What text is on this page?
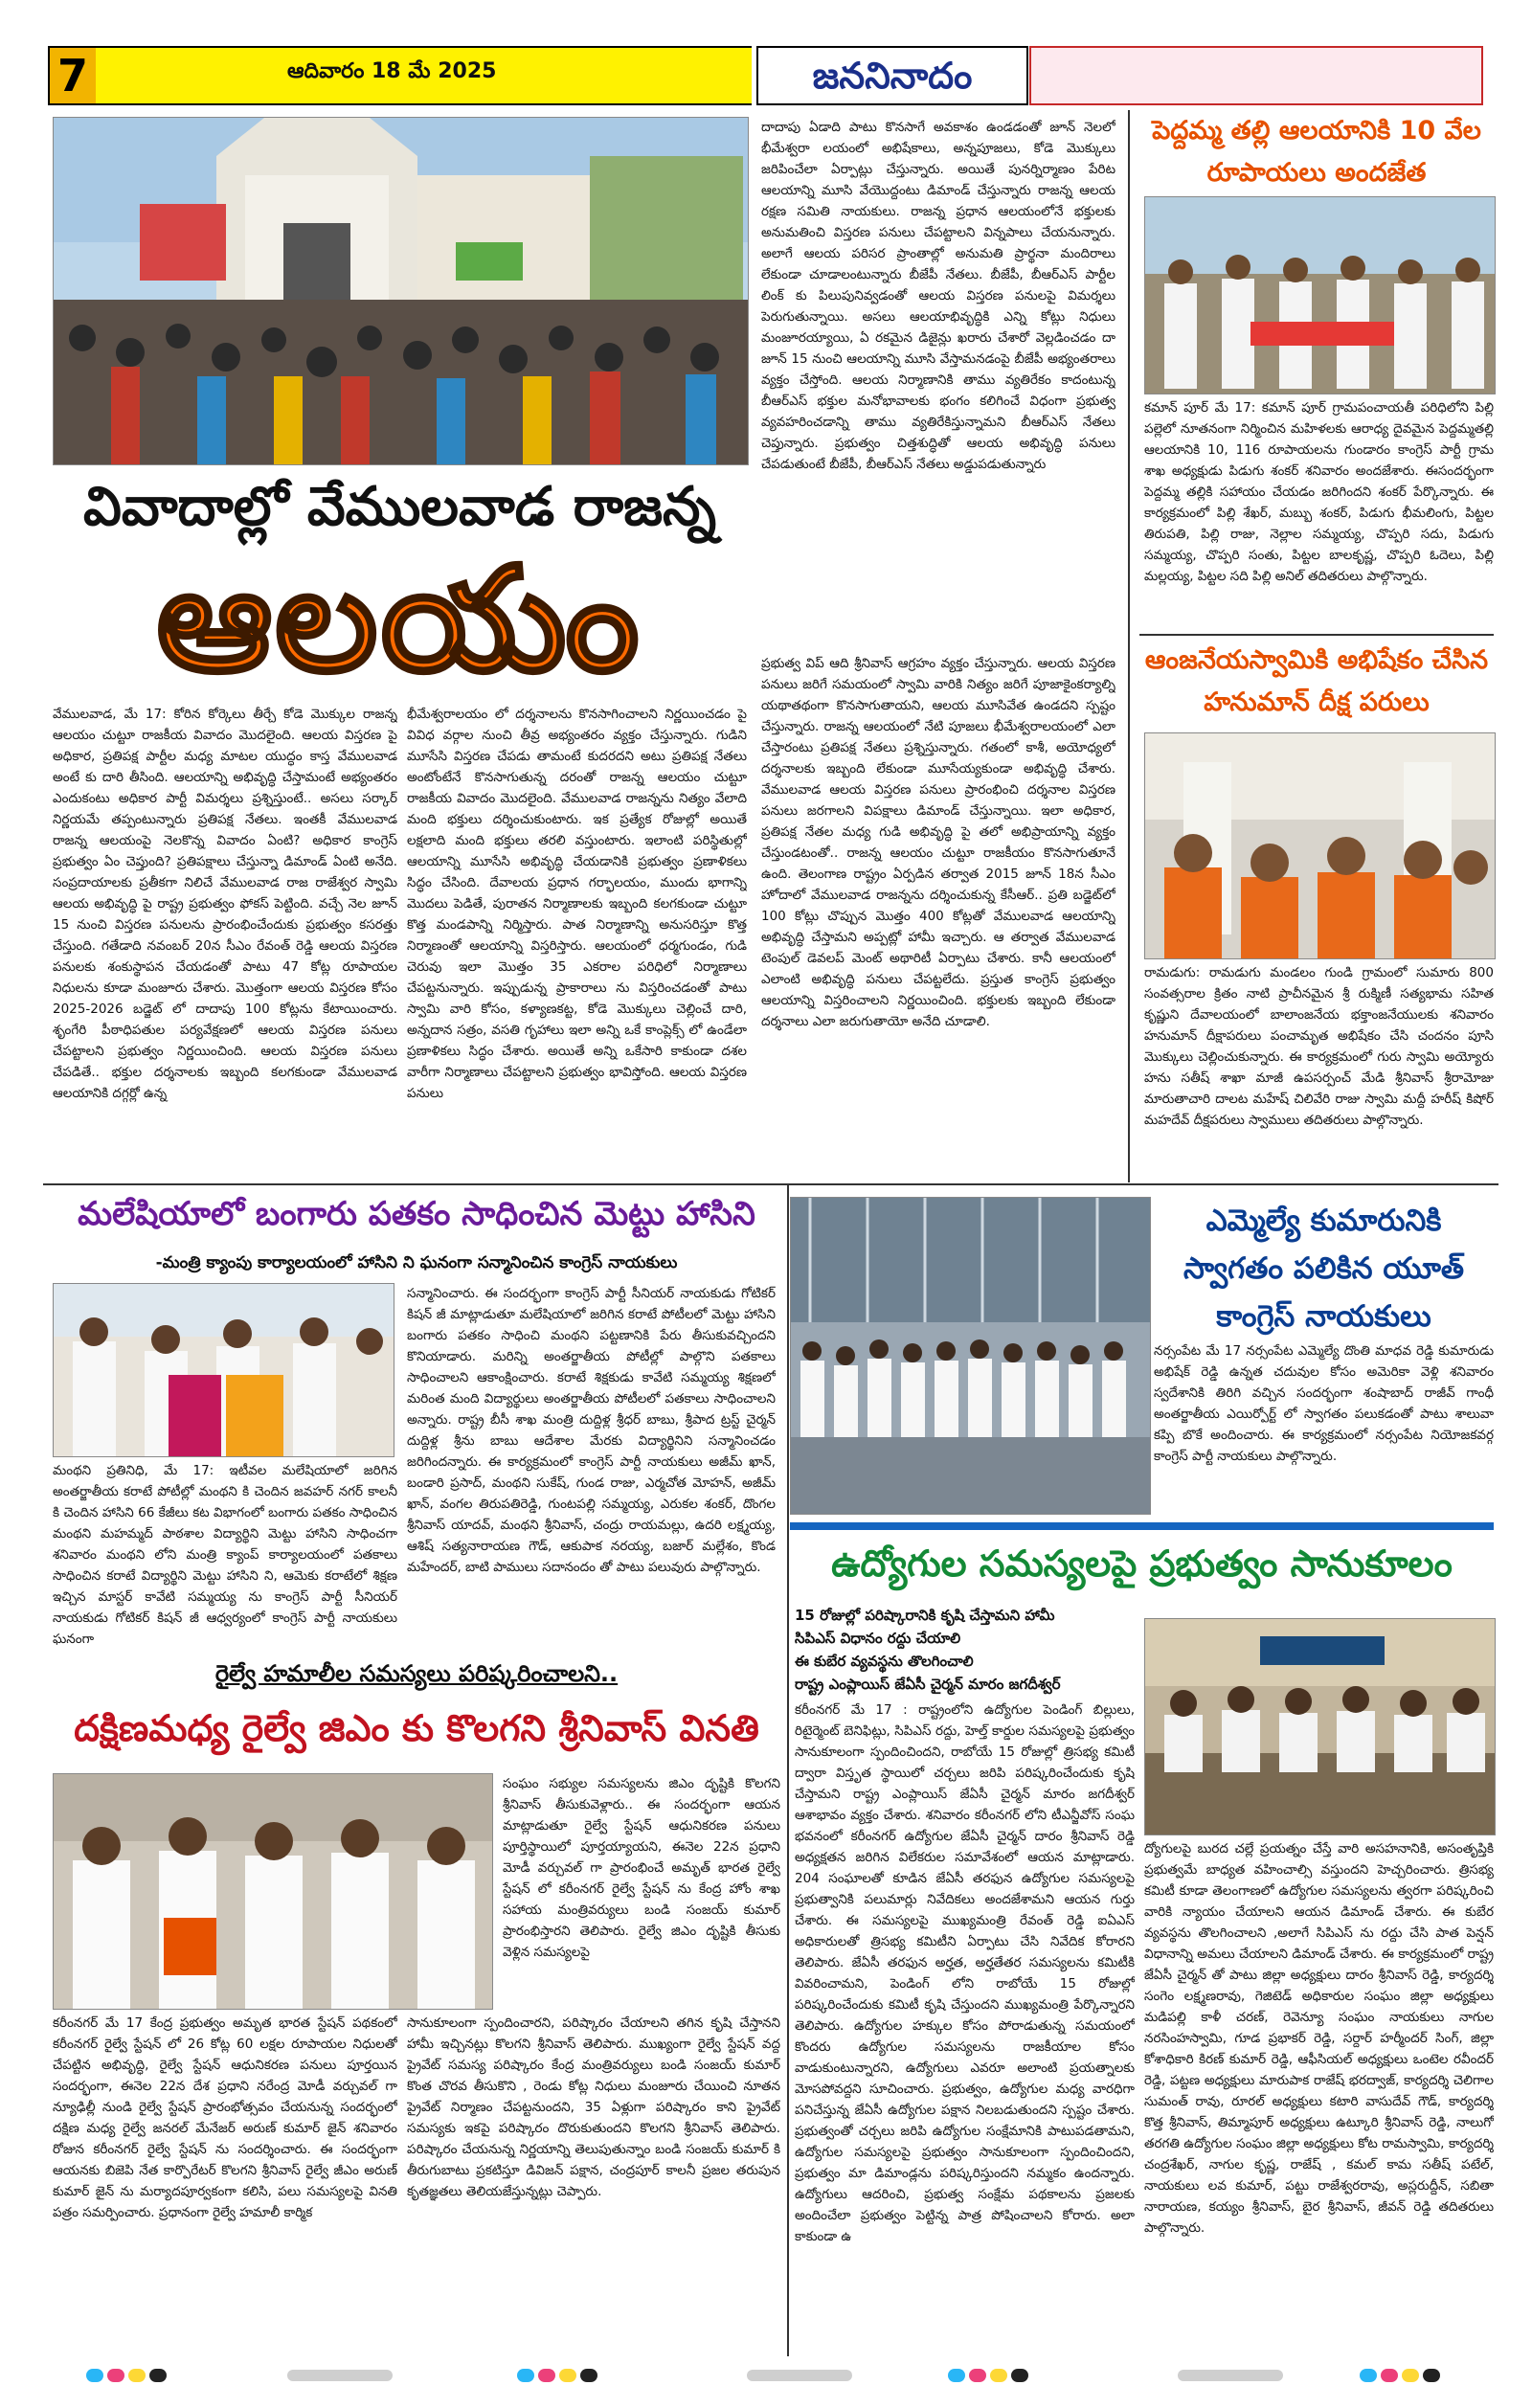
7	ఆదివారం 18 మే 2025	జననినాదం
వివాదాల్లో వేములవాడ రాజన్న
ఆలయం
వేములవాడ, మే 17: కోరిన కోర్కెలు తీర్చే కోడె మొక్కుల రాజన్న ఆలయం చుట్టూ రాజకీయ వివాదం మొదలైంది. ఆలయ విస్తరణ పై అధికార, ప్రతిపక్ష పార్టీల మధ్య మాటల యుద్ధం కాస్త వేములవాడ అంటే కు దారి తీసింది. ఆలయాన్ని అభివృద్ధి చేస్తామంటే అభ్యంతరం ఎందుకంటు అధికార పార్టీ విమర్శలు ప్రశ్నిస్తుంటే.. అసలు సర్కార్ నిర్ణయమే తప్పంటున్నారు ప్రతిపక్ష నేతలు. ఇంతకీ వేములవాడ రాజన్న ఆలయంపై నెలకొన్న వివాదం ఏంటి? అధికార కాంగ్రెస్ ప్రభుత్వం ఏం చెప్తుంది? ప్రతిపక్షాలు చేస్తున్నా డిమాండ్ ఏంటి అనేది. సంప్రదాయాలకు ప్రతీకగా నిలిచే వేములవాడ రాజ రాజేశ్వర స్వామి ఆలయ అభివృద్ధి పై రాష్ట్ర ప్రభుత్వం ఫోకస్ పెట్టింది. వచ్చే నెల జూన్ 15 నుంచి విస్తరణ పనులను ప్రారంభించేందుకు ప్రభుత్వం కసరత్తు చేస్తుంది. గతేడాది నవంబర్ 20న సీఎం రేవంత్ రెడ్డి ఆలయ విస్తరణ పనులకు శంకుస్థాపన చేయడంతో పాటు 47 కోట్ల రూపాయల నిధులను కూడా మంజూరు చేశారు. మొత్తంగా ఆలయ విస్తరణ కోసం 2025-2026 బడ్జెట్ లో దాదాపు 100 కోట్లను కేటాయించారు. శృంగేరి పీఠాధిపతుల పర్యవేక్షణలో ఆలయ విస్తరణ పనులు చేపట్టాలని ప్రభుత్వం నిర్ణయించింది. ఆలయ విస్తరణ పనులు చేపడితే.. భక్తుల దర్శనాలకు ఇబ్బంది కలగకుండా వేములవాడ ఆలయానికి దగ్గర్లో ఉన్న
భీమేశ్వరాలయం లో దర్శనాలను కొనసాగించాలని నిర్ణయించడం పై వివిధ వర్గాల నుంచి తీవ్ర అభ్యంతరం వ్యక్తం చేస్తున్నారు. గుడిని మూసేసి విస్తరణ చేపడు తామంటే కుదరదని అటు ప్రతిపక్ష నేతలు అంటోంటేనే కొనసాగుతున్న దరంతో రాజన్న ఆలయం చుట్టూ రాజకీయ వివాదం మొదలైంది. వేములవాడ రాజన్నను నిత్యం వేలాది మంది భక్తులు దర్శించుకుంటారు. ఇక ప్రత్యేక రోజుల్లో అయితే లక్షలాది మంది భక్తులు తరలి వస్తుంటారు. ఇలాంటి పరిస్థితుల్లో ఆలయాన్ని మూసేసి అభివృద్ధి చేయడానికి ప్రభుత్వం ప్రణాళికలు సిద్ధం చేసింది. దేవాలయ ప్రధాన గర్భాలయం, ముందు భాగాన్ని మొదలు పెడితే, పురాతన నిర్మాణాలకు ఇబ్బంది కలగకుండా చుట్టూ కొత్త మండపాన్ని నిర్మిస్తారు. పాత నిర్మాణాన్ని అనుసరిస్తూ కొత్త నిర్మాణంతో ఆలయాన్ని విస్తరిస్తారు. ఆలయంలో ధర్మగుండం, గుడి చెరువు ఇలా మొత్తం 35 ఎకరాల పరిధిలో నిర్మాణాలు చేపట్టనున్నారు. ఇప్పుడున్న ప్రాకారాలు ను విస్తరించడంతో పాటు స్వామి వారి కోసం, కళ్యాణకట్ట, కోడె మొక్కులు చెల్లించే దారి, అన్నదాన సత్రం, వసతి గృహాలు ఇలా అన్ని ఒకే కాంప్లెక్స్ లో ఉండేలా ప్రణాళికలు సిద్ధం చేశారు. అయితే అన్ని ఒకేసారి కాకుండా దశల వారీగా నిర్మాణాలు చేపట్టాలని ప్రభుత్వం భావిస్తోంది. ఆలయ విస్తరణ పనులు
దాదాపు ఏడాది పాటు కొనసాగే అవకాశం ఉండడంతో జూన్ నెలలో భీమేశ్వరా లయంలో అభిషేకాలు, అన్నపూజలు, కోడె మొక్కులు జరిపించేలా ఏర్పాట్లు చేస్తున్నారు. అయితే పునర్నిర్మాణం పేరిట ఆలయాన్ని మూసి వేయొద్దంటు డిమాండ్ చేస్తున్నారు రాజన్న ఆలయ రక్షణ సమితి నాయకులు. రాజన్న ప్రధాన ఆలయంలోనే భక్తులకు అనుమతించి విస్తరణ పనులు చేపట్టాలని విన్నపాలు చేయనున్నారు. అలాగే ఆలయ పరిసర ప్రాంతాల్లో అనుమతి ప్రార్థనా మందిరాలు లేకుండా చూడాలంటున్నారు బీజేపీ నేతలు. బీజేపీ, బీఆర్ఎస్ పార్టీల లింక్ కు పిలుపునివ్వడంతో ఆలయ విస్తరణ పనులపై విమర్శలు పెరుగుతున్నాయి. అసలు ఆలయాభివృద్ధికి ఎన్ని కోట్లు నిధులు మంజూరయ్యాయి, ఏ రకమైన డిజైన్లు ఖరారు చేశారో వెల్లడించడం దా జూన్ 15 నుంచి ఆలయాన్ని మూసి వేస్తామనడంపై బీజేపీ అభ్యంతరాలు వ్యక్తం చేస్తోంది. ఆలయ నిర్మాణానికి తాము వ్యతిరేకం కాదంటున్న బీఆర్ఎస్ భక్తుల మనోభావాలకు భంగం కలిగించే విధంగా ప్రభుత్వ వ్యవహరించడాన్ని తాము వ్యతిరేకిస్తున్నామని బీఆర్ఎస్ నేతలు చెప్తున్నారు. ప్రభుత్వం చిత్తశుద్ధితో ఆలయ అభివృద్ధి పనులు చేపడుతుంటే బీజేపీ, బీఆర్ఎస్ నేతలు అడ్డుపడుతున్నారు
ప్రభుత్వ విప్ ఆది శ్రీనివాస్ ఆగ్రహం వ్యక్తం చేస్తున్నారు. ఆలయ విస్తరణ పనులు జరిగే సమయంలో స్వామి వారికి నిత్యం జరిగే పూజాకైంకర్యాల్ని యథాతథంగా కొనసాగుతాయని, ఆలయ మూసివేత ఉండదని స్పష్టం చేస్తున్నారు. రాజన్న ఆలయంలో నేటి పూజలు భీమేశ్వరాలయంలో ఎలా చేస్తారంటు ప్రతిపక్ష నేతలు ప్రశ్నిస్తున్నారు. గతంలో కాశీ, అయోధ్యలో దర్శనాలకు ఇబ్బంది లేకుండా మూసేయ్యకుండా అభివృద్ధి చేశారు. వేములవాడ ఆలయ విస్తరణ పనులు ప్రారంభించి దర్శనాల విస్తరణ పనులు జరగాలని విపక్షాలు డిమాండ్ చేస్తున్నాయి. ఇలా అధికార, ప్రతిపక్ష నేతల మధ్య గుడి అభివృద్ధి పై తలో అభిప్రాయాన్ని వ్యక్తం చేస్తుండటంతో.. రాజన్న ఆలయం చుట్టూ రాజకీయం కొనసాగుతూనే ఉంది. తెలంగాణ రాష్ట్రం ఏర్పడిన తర్వాత 2015 జూన్ 18న సీఎం హోదాలో వేములవాడ రాజన్నను దర్శించుకున్న కేసీఆర్.. ప్రతి బడ్జెట్‌లో 100 కోట్లు చొప్పున మొత్తం 400 కోట్లతో వేములవాడ ఆలయాన్ని అభివృద్ధి చేస్తామని అప్పట్లో హామీ ఇచ్చారు. ఆ తర్వాత వేములవాడ టెంపుల్ డెవలప్ మెంట్ అథారిటీ ఏర్పాటు చేశారు. కానీ ఆలయంలో ఎలాంటి అభివృద్ధి పనులు చేపట్టలేదు. ప్రస్తుత కాంగ్రెస్ ప్రభుత్వం ఆలయాన్ని విస్తరించాలని నిర్ణయించింది. భక్తులకు ఇబ్బంది లేకుండా దర్శనాలు ఎలా జరుగుతాయో అనేది చూడాలి.
పెద్దమ్మ తల్లి ఆలయానికి 10 వేల రూపాయలు అందజేత
కమాన్ పూర్ మే 17: కమాన్ పూర్ గ్రామపంచాయతీ పరిధిలోని పిల్లి పల్లెలో నూతనంగా నిర్మించిన మహిళలకు ఆరాధ్య దైవమైన పెద్దమ్మతల్లి ఆలయానికి 10, 116 రూపాయలను గుండారం కాంగ్రెస్ పార్టీ గ్రామ శాఖ అధ్యక్షుడు పిడుగు శంకర్ శనివారం అందజేశారు. ఈసందర్భంగా పెద్దమ్మ తల్లికి సహాయం చేయడం జరిగిందని శంకర్ పేర్కొన్నారు. ఈ కార్యక్రమంలో పిల్లి శేఖర్, మబ్బు శంకర్, పిడుగు భీమలింగు, పిట్టల తిరుపతి, పిల్లి రాజు, నెల్లాల సమ్మయ్య, చొప్పరి సదు, పిడుగు సమ్మయ్య, చొప్పరి సంతు, పిట్టల బాలకృష్ణ, చొప్పరి ఓదెలు, పిల్లి మల్లయ్య, పిట్టల సది పిల్లి అనిల్ తదితరులు పాల్గొన్నారు.
ఆంజనేయస్వామికి అభిషేకం చేసిన హనుమాన్ దీక్ష పరులు
రామడుగు: రామడుగు మండలం గుండి గ్రామంలో సుమారు 800 సంవత్సరాల క్రితం నాటి ప్రాచీనమైన శ్రీ రుక్మిణీ సత్యభామ సహిత కృష్ణుని దేవాలయంలో బాలాంజనేయ భక్తాంజనేయులకు శనివారం హనుమాన్ దీక్షాపరులు పంచామృత అభిషేకం చేసి చందనం పూసి మొక్కులు చెల్లించుకున్నారు. ఈ కార్యక్రమంలో గురు స్వామి అయ్యోరు హను సతీష్ శాఖా మాజీ ఉపసర్పంచ్ మేడి శ్రీనివాస్ శ్రీరామోజు మారుతాచారి దాలట మహేష్ చిలివేరి రాజు స్వామి మద్దీ హరీష్ కిషోర్ మహదేవ్ దీక్షపరులు స్వాములు తదితరులు పాల్గొన్నారు.
మలేషియాలో బంగారు పతకం సాధించిన మెట్టు హాసిని
-మంత్రి క్యాంపు కార్యాలయంలో హాసిని ని ఘనంగా సన్మానించిన కాంగ్రెస్ నాయకులు
మంథని ప్రతినిధి, మే 17: ఇటీవల మలేషియాలో జరిగిన అంతర్జాతీయ కరాటే పోటీల్లో మంథని కి చెందిన జవహర్ నగర్ కాలనీ కి చెందిన హాసిని 66 కేజీలు కట విభాగంలో బంగారు పతకం సాధించిన మంథని మహమ్మద్ పాఠశాల విద్యార్థిని మెట్టు హాసిని సాధించగా శనివారం మంథని లోని మంత్రి క్యాంప్ కార్యాలయంలో పతకాలు సాధించిన కరాటే విద్యార్థిని మెట్టు హాసిని ని, ఆమెకు కరాటేలో శిక్షణ ఇచ్చిన మాస్టర్ కావేటి సమ్మయ్య ను కాంగ్రెస్ పార్టీ సీనియర్ నాయకుడు గోటికర్ కిషన్ జీ ఆధ్వర్యంలో కాంగ్రెస్ పార్టీ నాయకులు ఘనంగా
సన్మానించారు. ఈ సందర్భంగా కాంగ్రెస్ పార్టీ సీనియర్ నాయకుడు గోటికర్ కిషన్ జీ మాట్లాడుతూ మలేషియాలో జరిగిన కరాటే పోటీలలో మెట్టు హాసిని బంగారు పతకం సాధించి మంథని పట్టణానికి పేరు తీసుకువచ్చిందని కొనియాడారు. మరిన్ని అంతర్జాతీయ పోటీల్లో పాల్గొని పతకాలు సాధించాలని ఆకాంక్షించారు. కరాటే శిక్షకుడు కావేటి సమ్మయ్య శిక్షణలో మరింత మంది విద్యార్థులు అంతర్జాతీయ పోటీలలో పతకాలు సాధించాలని అన్నారు. రాష్ట్ర బీసీ శాఖ మంత్రి దుద్దిళ్ల శ్రీధర్ బాబు, శ్రీపాద ట్రస్ట్ చైర్మన్ దుద్దిళ్ల శ్రీను బాబు ఆదేశాల మేరకు విద్యార్థినిని సన్మానించడం జరిగిందన్నారు. ఈ కార్యక్రమంలో కాంగ్రెస్ పార్టీ నాయకులు అజీమ్ ఖాన్, బండారి ప్రసాద్, మంథని సుకేష్, గుండ రాజు, ఎర్మచోత మోహన్, అజీమ్ ఖాన్, వంగల తిరుపతిరెడ్డి, గుంటపల్లి సమ్మయ్య, ఎరుకల శంకర్, దొంగల శ్రీనివాస్ యాదవ్, మంథని శ్రీనివాస్, చంద్రు రాయమల్లు, ఉదరి లక్ష్మయ్య, ఆశిష్ సత్యనారాయణ గౌడ్, ఆకుపాక నరయ్య, బజార్ మల్లేశం, కొండ మహేందర్, బాటి పాములు సదానందం తో పాటు పలువురు పాల్గొన్నారు.
రైల్వే హమాలీల సమస్యలు పరిష్కరించాలని..
దక్షిణమధ్య రైల్వే జిఎం కు కొలగని శ్రీనివాస్ వినతి
సంఘం సభ్యుల సమస్యలను జిఎం దృష్టికి కొలగని శ్రీనివాస్ తీసుకువెళ్లారు.. ఈ సందర్భంగా ఆయన మాట్లాడుతూ రైల్వే స్టేషన్ ఆధునికరణ పనులు పూర్తిస్థాయిలో పూర్తయ్యాయని, ఈనెల 22న ప్రధాని మోడీ వర్చువల్ గా ప్రారంభించే అమృత్ భారత రైల్వే స్టేషన్ లో కరీంనగర్ రైల్వే స్టేషన్ ను కేంద్ర హోం శాఖ సహాయ మంత్రివర్యులు బండి సంజయ్ కుమార్ ప్రారంభిస్తారని తెలిపారు. రైల్వే జిఎం దృష్టికి తీసుకు వెళ్లిన సమస్యలపై
కరీంనగర్ మే 17 కేంద్ర ప్రభుత్వం అమృత భారత స్టేషన్ పథకంలో కరీంనగర్ రైల్వే స్టేషన్ లో 26 కోట్ల 60 లక్షల రూపాయల నిధులతో చేపట్టిన అభివృద్ధి, రైల్వే స్టేషన్ ఆధునికరణ పనులు పూర్తయిన సందర్భంగా, ఈనెల 22న దేశ ప్రధాని నరేంద్ర మోడీ వర్చువల్ గా న్యూఢిల్లీ నుండి రైల్వే స్టేషన్ ప్రారంభోత్సవం చేయనున్న సందర్భంలో దక్షిణ మధ్య రైల్వే జనరల్ మేనేజర్ అరుణ్ కుమార్ జైన్ శనివారం రోజున కరీంనగర్ రైల్వే స్టేషన్ ను సందర్శించారు. ఈ సందర్భంగా ఆయనకు బిజెపి నేత కార్పొరేటర్ కొలగని శ్రీనివాస్ రైల్వే జీఎం అరుణ్ కుమార్ జైన్ ను మర్యాదపూర్వకంగా కలిసి, పలు సమస్యలపై వినతి పత్రం సమర్పించారు. ప్రధానంగా రైల్వే హమాలీ కార్మిక
సానుకూలంగా స్పందించారని, పరిష్కారం చేయాలని తగిన కృషి చేస్తానని హామీ ఇచ్చినట్లు కొలగని శ్రీనివాస్ తెలిపారు. ముఖ్యంగా రైల్వే స్టేషన్ వద్ద ప్రైవేట్ సమస్య పరిష్కారం కేంద్ర మంత్రివర్యులు బండి సంజయ్ కుమార్ కొంత చొరవ తీసుకొని , రెండు కోట్ల నిధులు మంజూరు చేయించి నూతన ప్రైవేట్ నిర్మాణం చేపట్టనుందని, 35 ఏళ్లుగా పరిష్కారం కాని ప్రైవేట్ సమస్యకు ఇకపై పరిష్కారం దొరుకుతుందని కొలగని శ్రీనివాస్ తెలిపారు. పరిష్కారం చేయనున్న నిర్ణయాన్ని తెలుపుతున్నాం బండి సంజయ్ కుమార్ కి తీరుగుబాటు ప్రకటిస్తూ డివిజన్ పక్షాన, చంద్రపూర్ కాలనీ ప్రజల తరుపున కృతజ్ఞతలు తెలియజేస్తున్నట్లు చెప్పారు.
ఎమ్మెల్యే కుమారునికి స్వాగతం పలికిన యూత్ కాంగ్రెస్ నాయకులు
నర్సంపేట మే 17 నర్సంపేట ఎమ్మెల్యే దొంతి మాధవ రెడ్డి కుమారుడు అభిషేక్ రెడ్డి ఉన్నత చదువుల కోసం అమెరికా వెళ్లి శనివారం స్వదేశానికి తిరిగి వచ్చిన సందర్భంగా శంషాబాద్ రాజీవ్ గాంధీ అంతర్జాతీయ ఎయిర్పోర్ట్ లో స్వాగతం పలుకడంతో పాటు శాలువా కప్పి బొకే అందించారు. ఈ కార్యక్రమంలో నర్సంపేట నియోజకవర్గ కాంగ్రెస్ పార్టీ నాయకులు పాల్గొన్నారు.
ఉద్యోగుల సమస్యలపై ప్రభుత్వం సానుకూలం
15 రోజుల్లో పరిష్కారానికి కృషి చేస్తామని హామీ
సిపిఎస్ విధానం రద్దు చేయాలి
ఈ కుబేర వ్యవస్థను తొలగించాలి
రాష్ట్ర ఎంప్లాయిస్ జేఏసీ చైర్మన్ మారం జగదీశ్వర్
కరీంనగర్ మే 17 : రాష్ట్రంలోని ఉద్యోగుల పెండింగ్ బిల్లులు, రిటైర్మెంట్ బెనిఫిట్లు, సిపిఎస్ రద్దు, హెల్త్ కార్డుల సమస్యలపై ప్రభుత్వం సానుకూలంగా స్పందించిందని, రాబోయే 15 రోజుల్లో త్రిసభ్య కమిటీ ద్వారా విస్తృత స్థాయిలో చర్చలు జరిపి పరిష్కరించేందుకు కృషి చేస్తామని రాష్ట్ర ఎంప్లాయిస్ జేఏసీ చైర్మన్ మారం జగదీశ్వర్ ఆశాభావం వ్యక్తం చేశారు. శనివారం కరీంనగర్ లోని టీఎన్జీవోస్ సంఘ భవనంలో కరీంనగర్ ఉద్యోగుల జేఏసీ చైర్మన్ దారం శ్రీనివాస్ రెడ్డి అధ్యక్షతన జరిగిన విలేకరుల సమావేశంలో ఆయన మాట్లాడారు. 204 సంఘాలతో కూడిన జేఏసీ తరఫున ఉద్యోగుల సమస్యలపై ప్రభుత్వానికి పలుమార్లు నివేదికలు అందజేశామని ఆయన గుర్తు చేశారు. ఈ సమస్యలపై ముఖ్యమంత్రి రేవంత్ రెడ్డి ఐఏఎస్ అధికారులతో త్రిసభ్య కమిటీని ఏర్పాటు చేసి నివేదిక కోరారని తెలిపారు. జేఏసీ తరఫున అర్హత, అర్హతేతర సమస్యలను కమిటీకి వివరించామని, పెండింగ్ లోని రాబోయే 15 రోజుల్లో పరిష్కరించేందుకు కమిటీ కృషి చేస్తుందని ముఖ్యమంత్రి పేర్కొన్నారని తెలిపారు. ఉద్యోగుల హక్కుల కోసం పోరాడుతున్న సమయంలో కొందరు ఉద్యోగుల సమస్యలను రాజకీయాల కోసం వాడుకుంటున్నారని, ఉద్యోగులు ఎవరూ అలాంటి ప్రయత్నాలకు మోసపోవద్దని సూచించారు. ప్రభుత్వం, ఉద్యోగుల మధ్య వారధిగా పనిచేస్తున్న జేఏసీ ఉద్యోగుల పక్షాన నిలబడుతుందని స్పష్టం చేశారు. ప్రభుత్వంతో చర్చలు జరిపి ఉద్యోగుల సంక్షేమానికి పాటుపడతామని, ఉద్యోగుల సమస్యలపై ప్రభుత్వం సానుకూలంగా స్పందించిందని, ప్రభుత్వం మా డిమాండ్లను పరిష్కరిస్తుందని నమ్మకం ఉందన్నారు. ఉద్యోగులు ఆదరించి, ప్రభుత్వ సంక్షేమ పథకాలను ప్రజలకు అందించేలా ప్రభుత్వం పెట్టిన్న పాత్ర పోషించాలని కోరారు. అలా కాకుండా ఉ
ద్యోగులపై బురద చల్లే ప్రయత్నం చేస్తే వారి అసహనానికి, అసంతృప్తికి ప్రభుత్వమే బాధ్యత వహించాల్సి వస్తుందని హెచ్చరించారు. త్రిసభ్య కమిటీ కూడా తెలంగాణలో ఉద్యోగుల సమస్యలను త్వరగా పరిష్కరించి వారికి న్యాయం చేయాలని ఆయన డిమాండ్ చేశారు. ఈ కుబేర వ్యవస్థను తొలగించాలని ,అలాగే సిపిఎస్ ను రద్దు చేసి పాత పెన్షన్ విధానాన్ని అమలు చేయాలని డిమాండ్ చేశారు. ఈ కార్యక్రమంలో రాష్ట్ర జేఏసీ చైర్మన్ తో పాటు జిల్లా అధ్యక్షులు దారం శ్రీనివాస్ రెడ్డి, కార్యదర్శి సంగెం లక్ష్మణరావు, గెజిటెడ్ అధికారుల సంఘం జిల్లా అధ్యక్షులు మడిపల్లి కాళీ చరణ్, రెవెన్యూ సంఘం నాయకులు నాగుల నరసింహస్వామి, గూడ ప్రభాకర్ రెడ్డి, సర్దార్ హర్మీందర్ సింగ్, జిల్లా కోశాధికారి కిరణ్ కుమార్ రెడ్డి, ఆఫీసియల్ అధ్యక్షులు ఒంటెల రవీందర్ రెడ్డి, పట్టణ అధ్యక్షులు మారుపాక రాజేష్ భరద్వాజ్, కార్యదర్శి చెలిగాల సుమంత్ రావు, రూరల్ అధ్యక్షులు కటారి వాసుదేవ్ గౌడ్, కార్యదర్శి కొత్త శ్రీనివాస్, తిమ్మాపూర్ అధ్యక్షులు ఉట్కూరి శ్రీనివాస్ రెడ్డి, నాలుగో తరగతి ఉద్యోగుల సంఘం జిల్లా అధ్యక్షులు కోట రామస్వామి, కార్యదర్శి చంద్రశేఖర్, నాగుల కృష్ణ, రాజేష్ , కమల్ కామ సతీష్ పటేల్, నాయకులు లవ కుమార్, పట్టు రాజేశ్వరరావు, అస్లరుద్దీన్, సబితా నారాయణ, కయ్యం శ్రీనివాస్, బైర శ్రీనివాస్, జీవన్ రెడ్డి తదితరులు పాల్గొన్నారు.
